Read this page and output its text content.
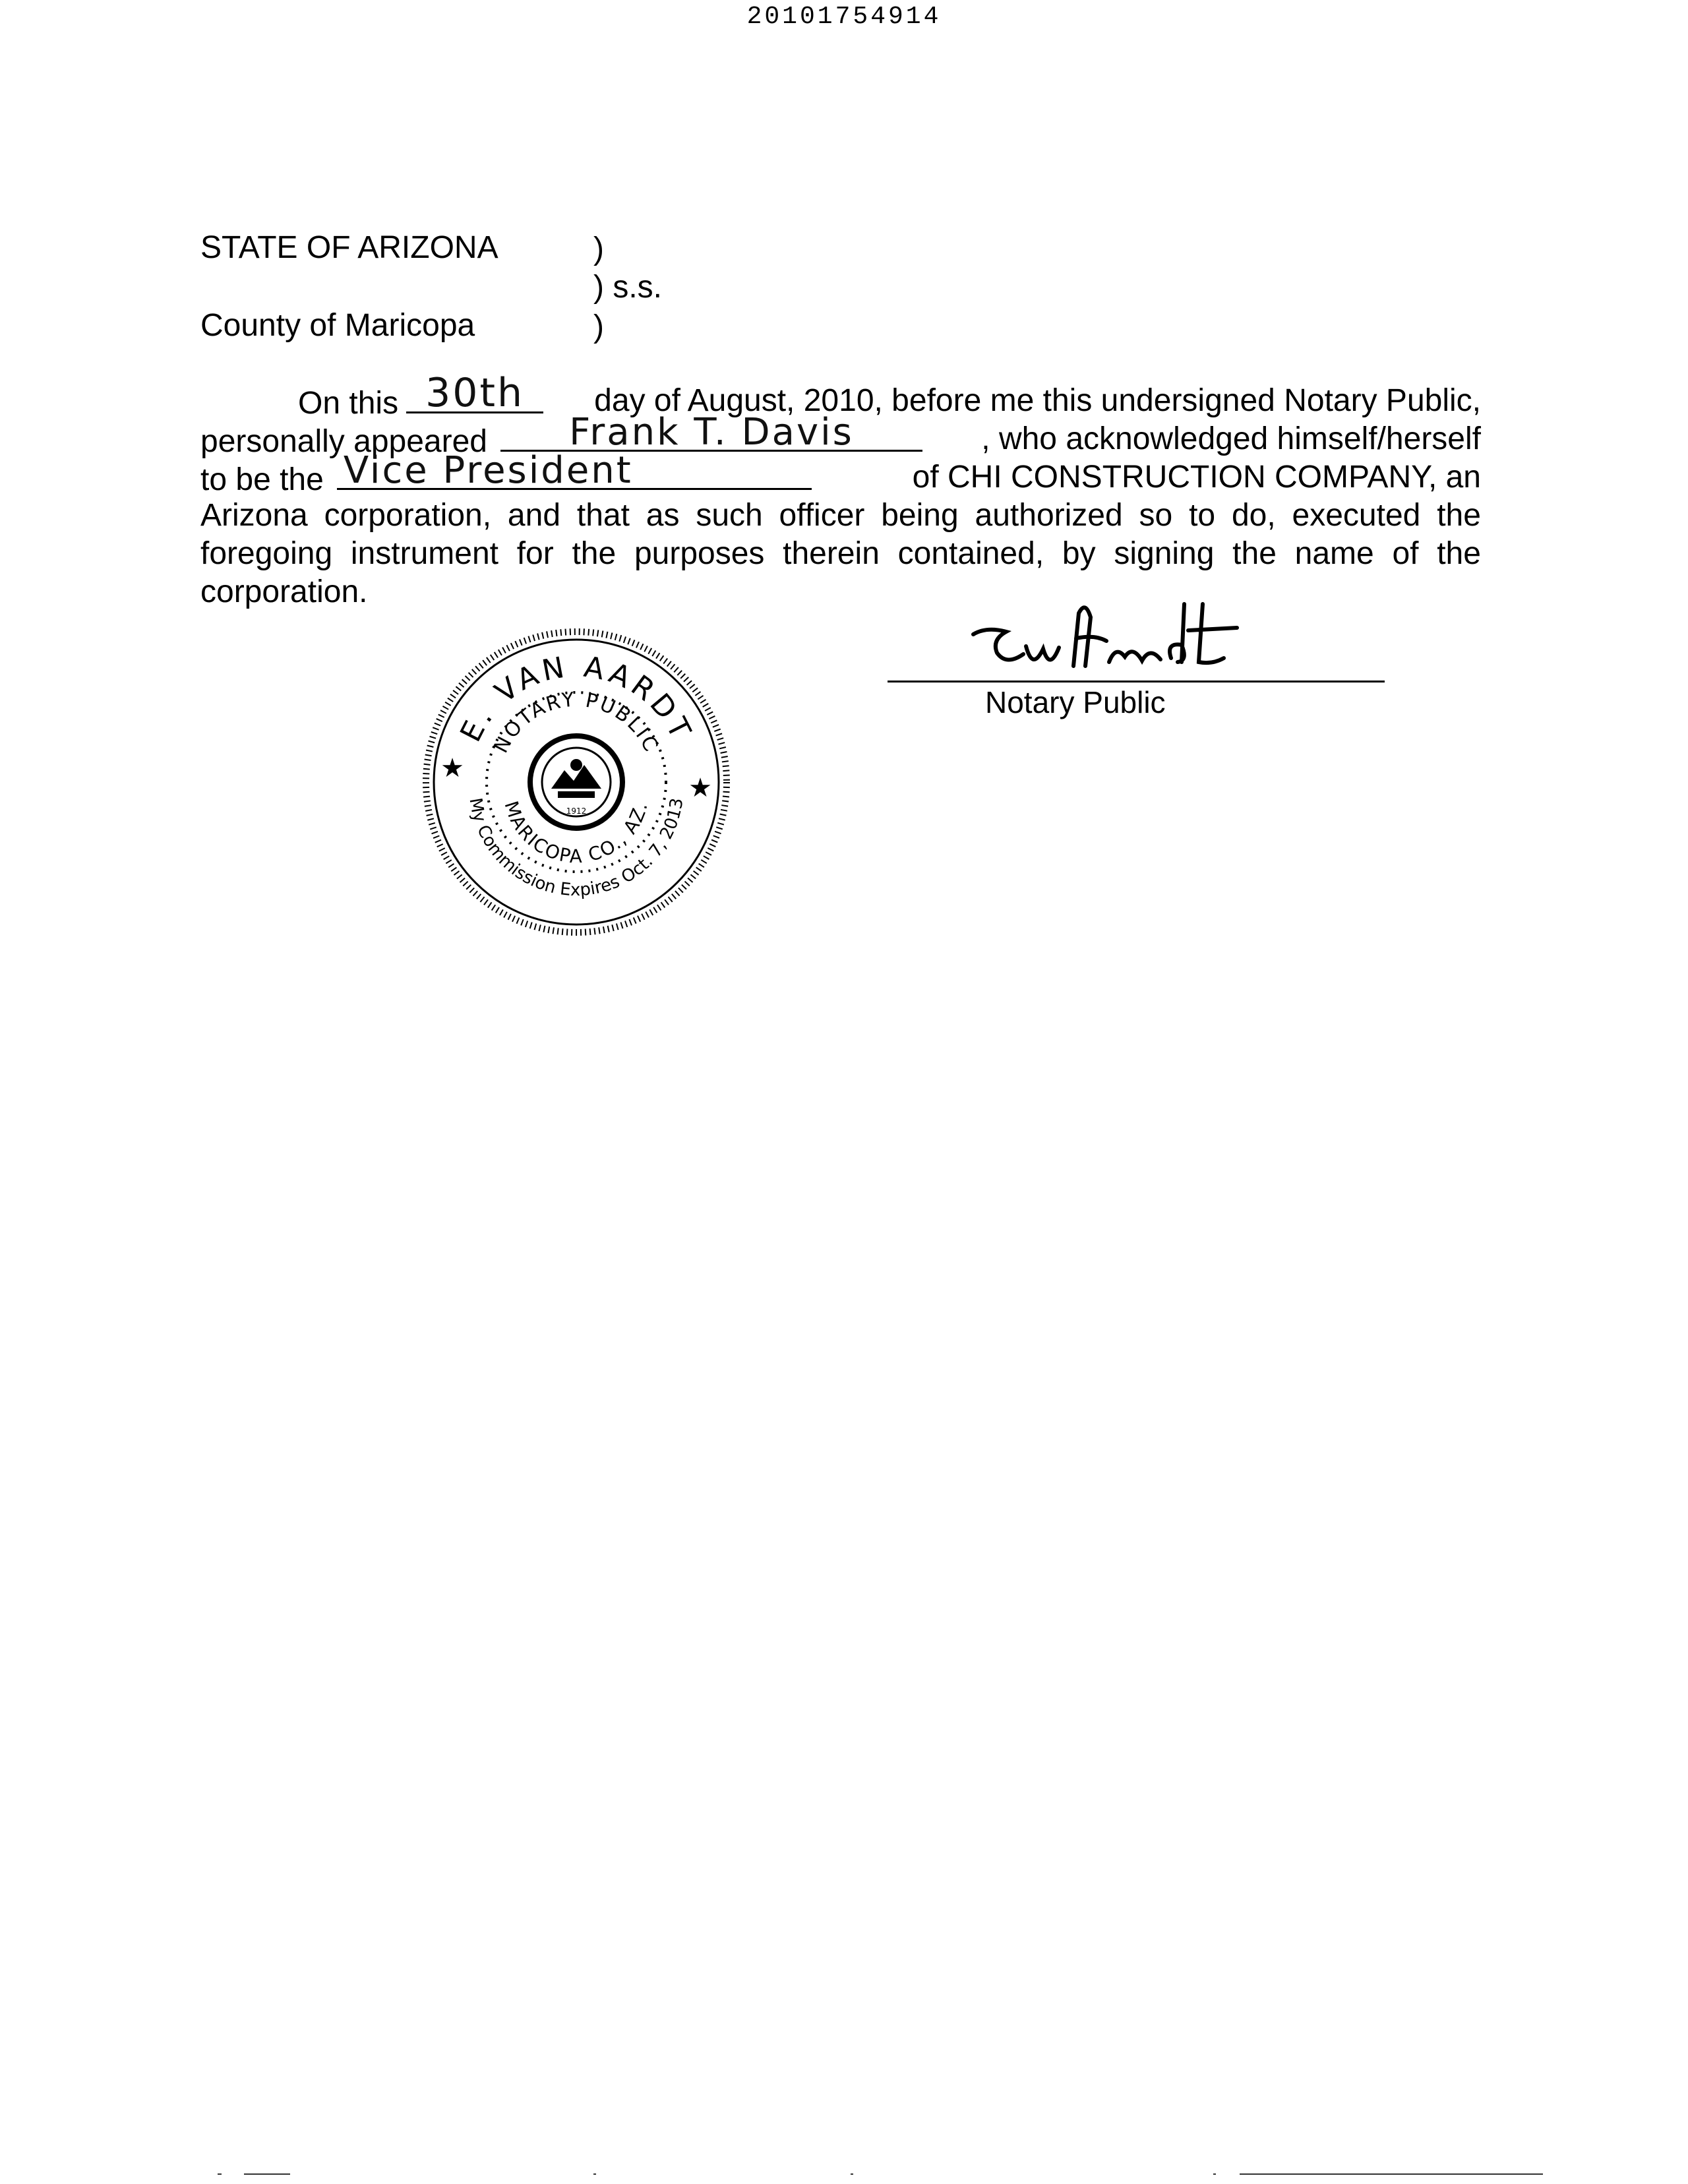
20101754914
STATE OF ARIZONA	)
) s.s.
County of Maricopa	)
On this 30th	day of August, 2010, before me this undersigned Notary Public,
personally appeared	Frank T. Davis	, who acknowledged himself/herself
to be the Vice President	of CHI CONSTRUCTION COMPANY, an
Arizona corporation, and that as such officer being authorized so to do, executed the
foregoing instrument for the purposes therein contained, by signing the name of the
corporation.
E. VAN AARDT
NOTARY PUBLIC
My Commission Expires Oct. 7, 2013
MARICOPA CO., AZ.
★
★
1912
Notary Public
